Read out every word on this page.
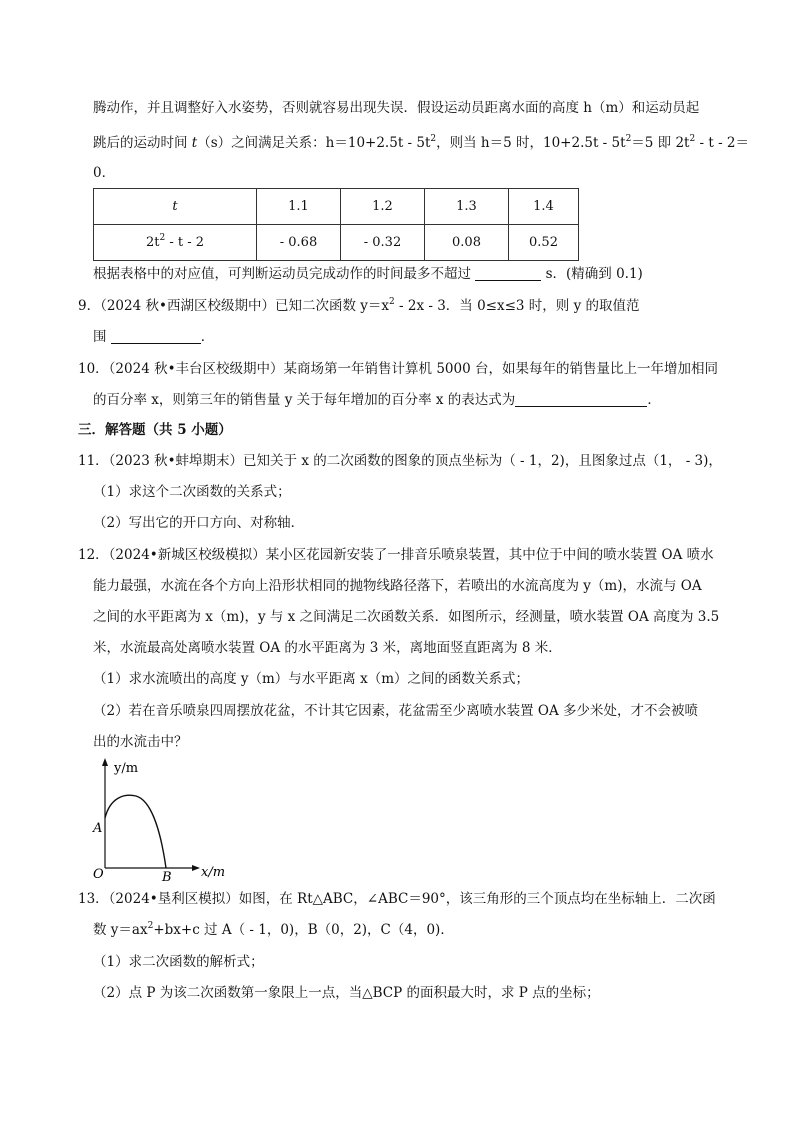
腾动作，并且调整好入水姿势，否则就容易出现失误．假设运动员距离水面的高度 h（m）和运动员起
跳后的运动时间 t（s）之间满足关系：$h=10+2.5t - 5t^2$，则当 h＝5 时，$10+2.5t - 5t^2=5$ 即 $2t^2 - t - 2=$
0．
t	1.1	1.2	1.3	1.4
$2t^2$ - t - 2	- 0.68	- 0.32	0.08	0.52
根据表格中的对应值，可判断运动员完成动作的时间最多不超过	s．(精确到 0.1)
9．（2024 秋•西湖区校级期中）已知二次函数 $y=x^2 - 2x - 3$．当 0≤x≤3 时，则 y 的取值范
围	．
10．（2024 秋•丰台区校级期中）某商场第一年销售计算机 5000 台，如果每年的销售量比上一年增加相同
的百分率 x，则第三年的销售量 y 关于每年增加的百分率 x 的表达式为	．
三．解答题（共 5 小题）
11．（2023 秋•蚌埠期末）已知关于 x 的二次函数的图象的顶点坐标为（ - 1，2)，且图象过点（1， - 3)，
（1）求这个二次函数的关系式；
（2）写出它的开口方向、对称轴．
12．（2024•新城区校级模拟）某小区花园新安装了一排音乐喷泉装置，其中位于中间的喷水装置 OA 喷水
能力最强，水流在各个方向上沿形状相同的抛物线路径落下，若喷出的水流高度为 y（m)，水流与 OA
之间的水平距离为 x（m)，y 与 x 之间满足二次函数关系．如图所示，经测量，喷水装置 OA 高度为 3.5
米，水流最高处离喷水装置 OA 的水平距离为 3 米，离地面竖直距离为 8 米．
（1）求水流喷出的高度 y（m）与水平距离 x（m）之间的函数关系式；
（2）若在音乐喷泉四周摆放花盆，不计其它因素，花盆需至少离喷水装置 OA 多少米处，才不会被喷
出的水流击中？
y/m
x/m
O
A
B
13．（2024•垦利区模拟）如图，在 Rt△ABC，∠ABC＝90°，该三角形的三个顶点均在坐标轴上．二次函
数 $y=ax^2+bx+c$ 过 A（ - 1，0)，B（0，2)，C（4，0)．
（1）求二次函数的解析式；
（2）点 P 为该二次函数第一象限上一点，当△BCP 的面积最大时，求 P 点的坐标；
